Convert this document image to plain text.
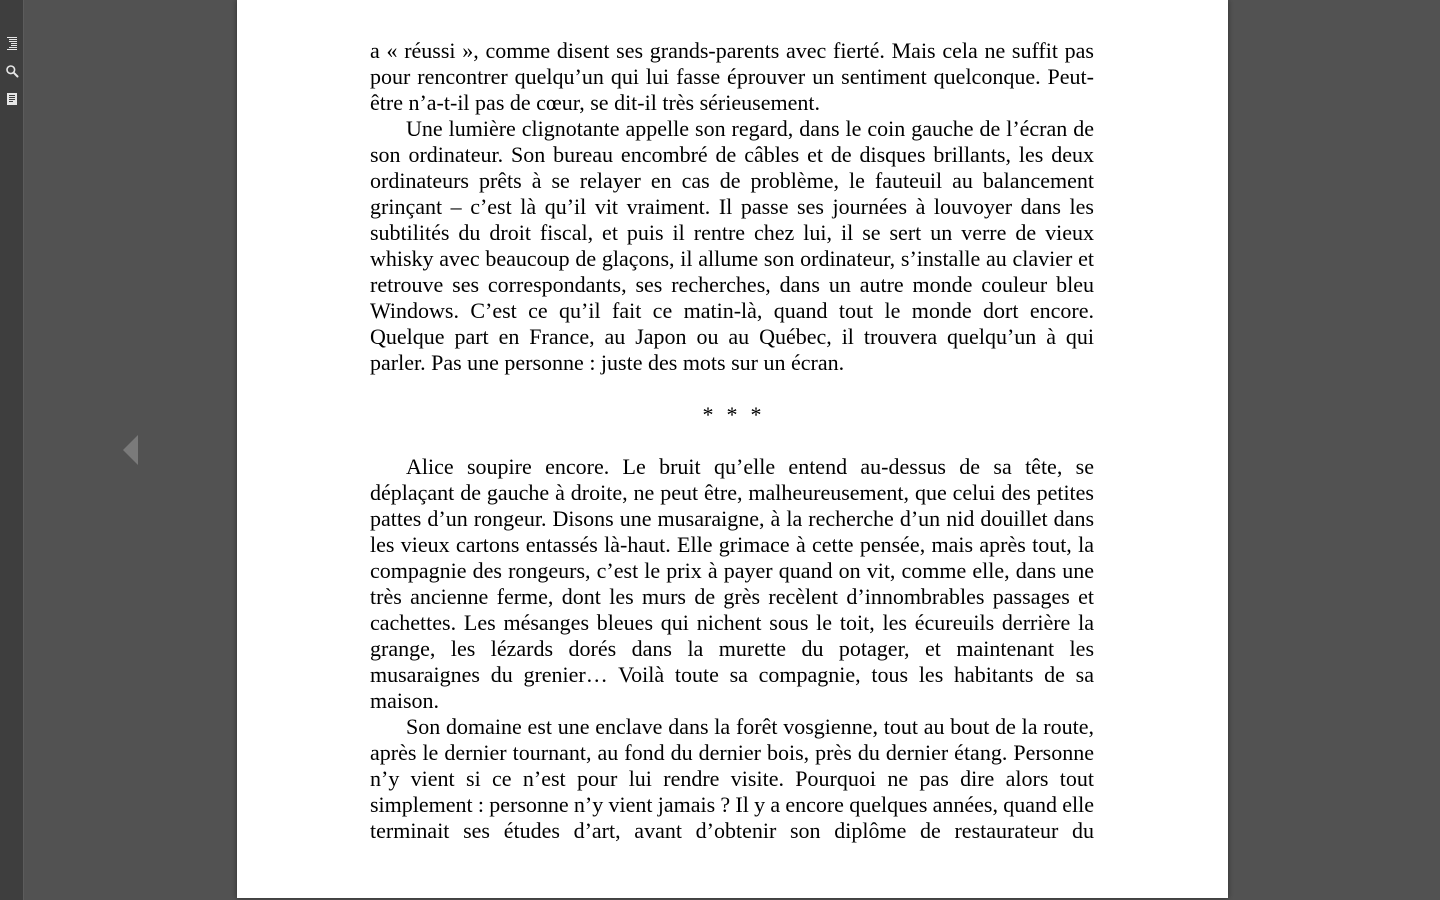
a « réussi », comme disent ses grands-parents avec fierté. Mais cela ne suffit pas
pour rencontrer quelqu’un qui lui fasse éprouver un sentiment quelconque. Peut-
être n’a-t-il pas de cœur, se dit-il très sérieusement.
Une lumière clignotante appelle son regard, dans le coin gauche de l’écran de
son ordinateur. Son bureau encombré de câbles et de disques brillants, les deux
ordinateurs prêts à se relayer en cas de problème, le fauteuil au balancement
grinçant – c’est là qu’il vit vraiment. Il passe ses journées à louvoyer dans les
subtilités du droit fiscal, et puis il rentre chez lui, il se sert un verre de vieux
whisky avec beaucoup de glaçons, il allume son ordinateur, s’installe au clavier et
retrouve ses correspondants, ses recherches, dans un autre monde couleur bleu
Windows. C’est ce qu’il fait ce matin-là, quand tout le monde dort encore.
Quelque part en France, au Japon ou au Québec, il trouvera quelqu’un à qui
parler. Pas une personne : juste des mots sur un écran.
* * *
Alice soupire encore. Le bruit qu’elle entend au-dessus de sa tête, se
déplaçant de gauche à droite, ne peut être, malheureusement, que celui des petites
pattes d’un rongeur. Disons une musaraigne, à la recherche d’un nid douillet dans
les vieux cartons entassés là-haut. Elle grimace à cette pensée, mais après tout, la
compagnie des rongeurs, c’est le prix à payer quand on vit, comme elle, dans une
très ancienne ferme, dont les murs de grès recèlent d’innombrables passages et
cachettes. Les mésanges bleues qui nichent sous le toit, les écureuils derrière la
grange, les lézards dorés dans la murette du potager, et maintenant les
musaraignes du grenier… Voilà toute sa compagnie, tous les habitants de sa
maison.
Son domaine est une enclave dans la forêt vosgienne, tout au bout de la route,
après le dernier tournant, au fond du dernier bois, près du dernier étang. Personne
n’y vient si ce n’est pour lui rendre visite. Pourquoi ne pas dire alors tout
simplement : personne n’y vient jamais ? Il y a encore quelques années, quand elle
terminait ses études d’art, avant d’obtenir son diplôme de restaurateur du
